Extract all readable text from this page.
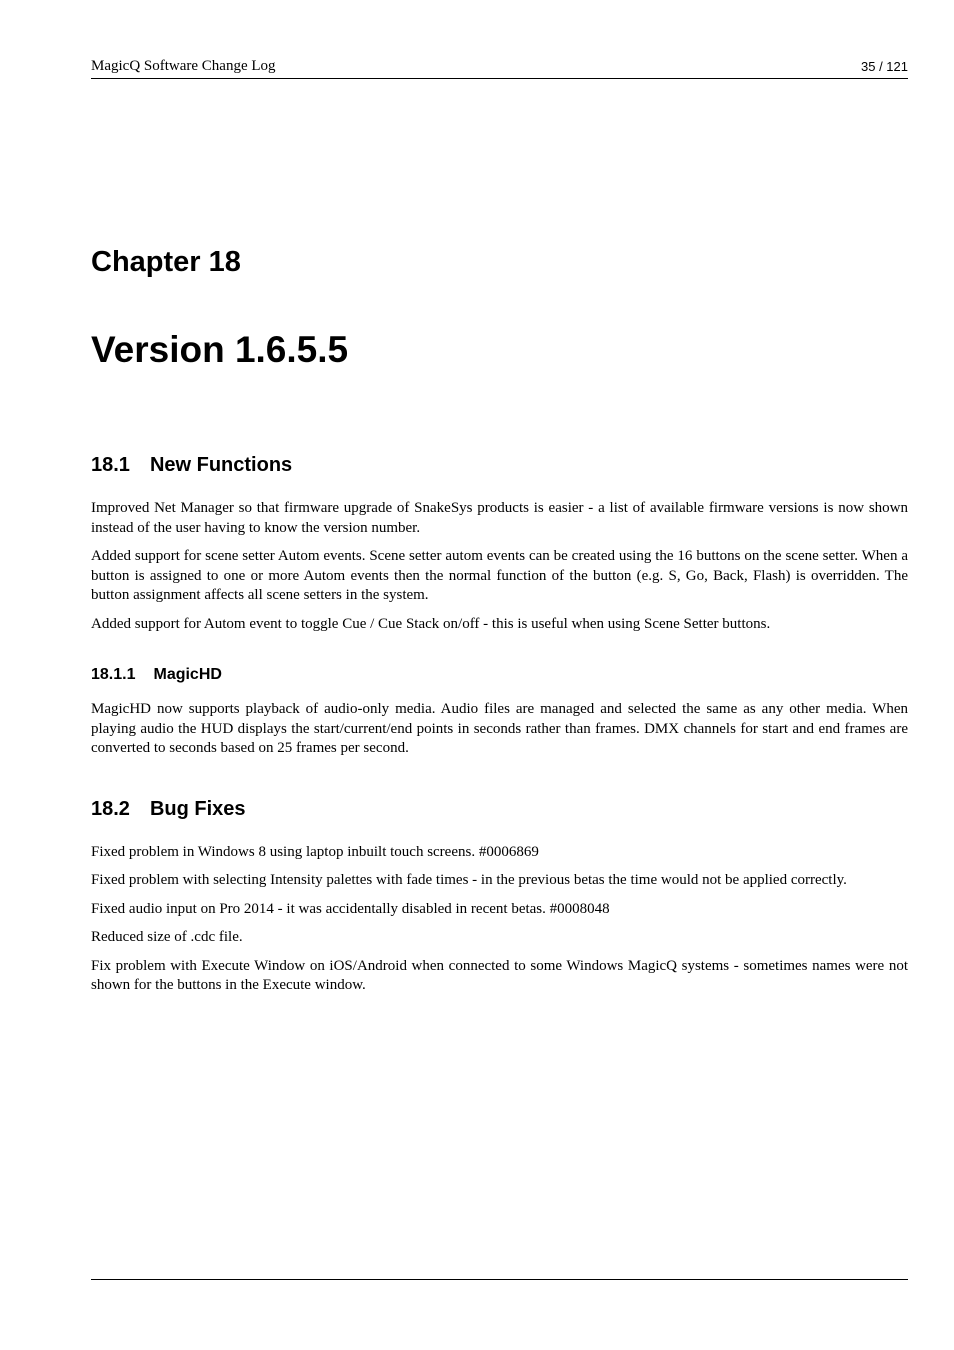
MagicQ Software Change Log	35 / 121
Chapter 18
Version 1.6.5.5
18.1 New Functions

Improved Net Manager so that firmware upgrade of SnakeSys products is easier - a list of available firmware versions is now shown instead of the user having to know the version number.

Added support for scene setter Autom events. Scene setter autom events can be created using the 16 buttons on the scene setter. When a button is assigned to one or more Autom events then the normal function of the button (e.g. S, Go, Back, Flash) is overridden. The button assignment affects all scene setters in the system.

Added support for Autom event to toggle Cue / Cue Stack on/off - this is useful when using Scene Setter buttons.

18.1.1 MagicHD

MagicHD now supports playback of audio-only media. Audio files are managed and selected the same as any other media. When playing audio the HUD displays the start/current/end points in seconds rather than frames. DMX channels for start and end frames are converted to seconds based on 25 frames per second.

18.2 Bug Fixes

Fixed problem in Windows 8 using laptop inbuilt touch screens. #0006869

Fixed problem with selecting Intensity palettes with fade times - in the previous betas the time would not be applied correctly.

Fixed audio input on Pro 2014 - it was accidentally disabled in recent betas. #0008048

Reduced size of .cdc file.

Fix problem with Execute Window on iOS/Android when connected to some Windows MagicQ systems - sometimes names were not shown for the buttons in the Execute window.
